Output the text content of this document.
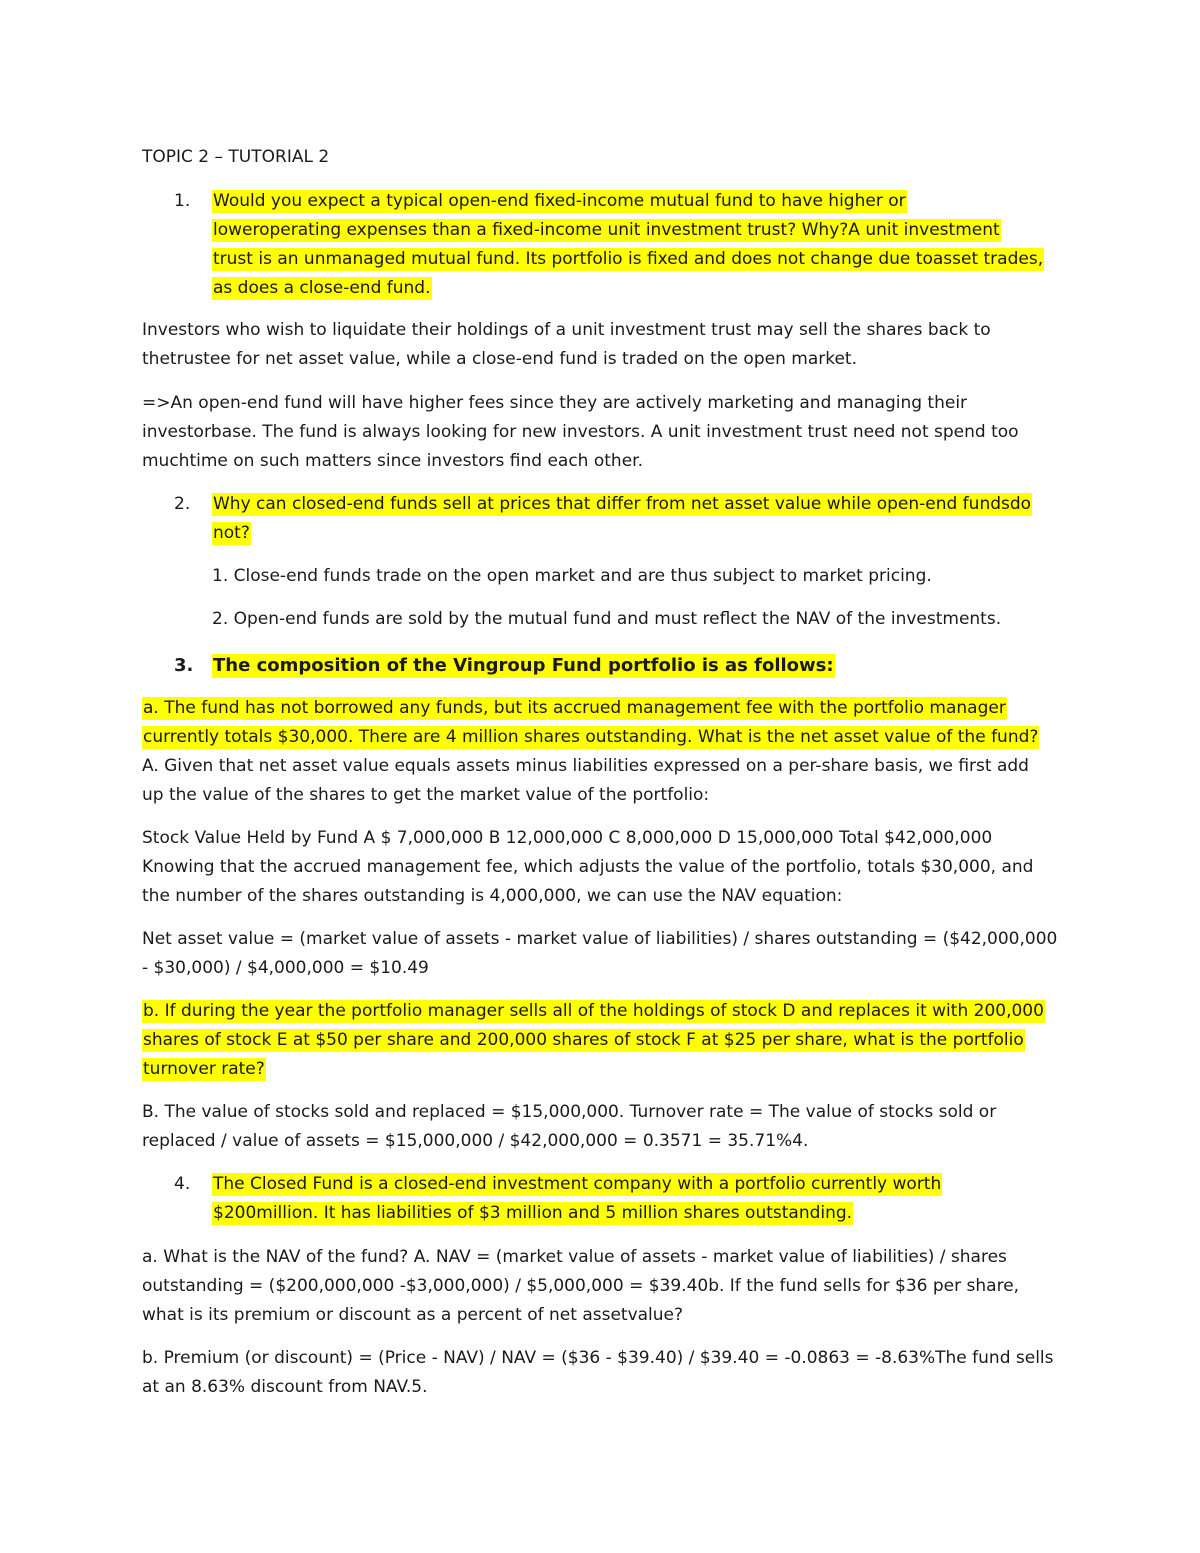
TOPIC 2 – TUTORIAL 2
1. Would you expect a typical open-end fixed-income mutual fund to have higher or
loweroperating expenses than a fixed-income unit investment trust? Why?A unit investment
trust is an unmanaged mutual fund. Its portfolio is fixed and does not change due toasset trades,
as does a close-end fund.
Investors who wish to liquidate their holdings of a unit investment trust may sell the shares back to
thetrustee for net asset value, while a close-end fund is traded on the open market.
=>An open-end fund will have higher fees since they are actively marketing and managing their
investorbase. The fund is always looking for new investors. A unit investment trust need not spend too
muchtime on such matters since investors find each other.
2. Why can closed-end funds sell at prices that differ from net asset value while open-end fundsdo
not?
1. Close-end funds trade on the open market and are thus subject to market pricing.
2. Open-end funds are sold by the mutual fund and must reflect the NAV of the investments.
3. The composition of the Vingroup Fund portfolio is as follows:
a. The fund has not borrowed any funds, but its accrued management fee with the portfolio manager
currently totals $30,000. There are 4 million shares outstanding. What is the net asset value of the fund?
A. Given that net asset value equals assets minus liabilities expressed on a per-share basis, we first add
up the value of the shares to get the market value of the portfolio:
Stock Value Held by Fund A $ 7,000,000 B 12,000,000 C 8,000,000 D 15,000,000 Total $42,000,000
Knowing that the accrued management fee, which adjusts the value of the portfolio, totals $30,000, and
the number of the shares outstanding is 4,000,000, we can use the NAV equation:
Net asset value = (market value of assets - market value of liabilities) / shares outstanding = ($42,000,000
- $30,000) / $4,000,000 = $10.49
b. If during the year the portfolio manager sells all of the holdings of stock D and replaces it with 200,000
shares of stock E at $50 per share and 200,000 shares of stock F at $25 per share, what is the portfolio
turnover rate?
B. The value of stocks sold and replaced = $15,000,000. Turnover rate = The value of stocks sold or
replaced / value of assets = $15,000,000 / $42,000,000 = 0.3571 = 35.71%4.
4. The Closed Fund is a closed-end investment company with a portfolio currently worth
$200million. It has liabilities of $3 million and 5 million shares outstanding.
a. What is the NAV of the fund? A. NAV = (market value of assets - market value of liabilities) / shares
outstanding = ($200,000,000 -$3,000,000) / $5,000,000 = $39.40b. If the fund sells for $36 per share,
what is its premium or discount as a percent of net assetvalue?
b. Premium (or discount) = (Price - NAV) / NAV = ($36 - $39.40) / $39.40 = -0.0863 = -8.63%The fund sells
at an 8.63% discount from NAV.5.
